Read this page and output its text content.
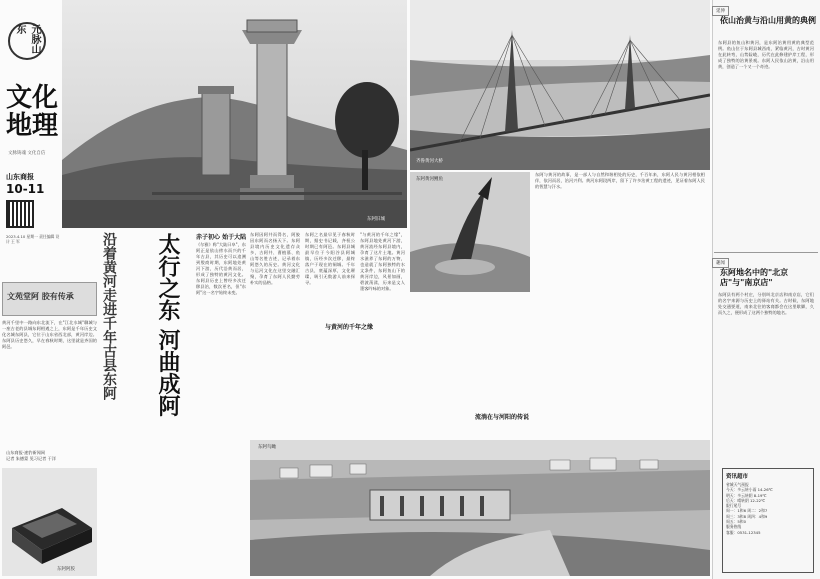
元脉山东
文化地理
文脉铸魂 文化自信
山东商报
10-11
2023.4.10 星期一 责任编辑 设计 王 军
东阿旧城
齐鲁黄河大桥
黄河千里中一路向东北流下，在"江北水城"聊城与一座古老的县城东阿相遇之上，东阿是千年历史文化名城东阿县，它位于山东省西北部，黄河岸边。东阿县历史悠久，早在春秋时期，这里就是齐国的阿邑。
文苑堂阿 胶有传承
山东商报·速豹新闻网
记者 朱德蒙 见习记者 于洋
东阿阿胶
沿着黄河走进千年古县东阿	太行之东 河曲成阿	赤子初心 始于大陆
《尔雅》称"大陆曰阜"，东阿正是依山傍水而兴的千年古县，其历史可以追溯到殷商时期，东阿地处黄河下游，历代沿黄而居，形成了独特的黄河文化。东阿县历史上曾经多次迁移县治，数次更名，但"东阿"这一名字始终未变。
东阿因阿井而得名，阿胶因东阿而名扬天下。东阿县境内历史文化遗存众多，古阿井、曹植墓、鱼山等名胜古迹，记录着东阿悠久的历史。黄河文化与运河文化在这里交融汇聚，孕育了东阿人民勤劳朴实的品格。
东阿之名最早见于春秋时期，据史书记载，齐桓公时期已有阿邑。东阿县城最早位于今阳谷县阿城镇，历经多次迁移，最终落户于现在的铜城。千年古县，底蕴深厚，文化璀璨，吸引无数游人前来探寻。
"与黄河的千年之缘"，东阿县地处黄河下游，黄河流经东阿县境内，孕育了这片土地。黄河水滋养了东阿的万物，也造就了东阿独特的水文条件，东阿鱼山下的黄河岸边，风景如画，碧波荡漾，历来是文人墨客吟咏的对象。
与黄河的千年之缘
东阿黄河鲤鱼
东阿与黄河的故事，是一部人与自然和谐相处的历史，千百年来，东阿人民与黄河相依相伴，依河而居，治河兴利。黄河东阿段两岸，留下了许多治黄工程的遗迹，见证着东阿人民的智慧与汗水。
流淌在与河阳的传说
东阿鸟瞰
延伸
依山治黄与沿山用黄的典例
东阿县的鱼山和黄河，是东阿治黄用黄的典型范例。鱼山位于东阿县城西南，紧临黄河，古时黄河在此转弯，山势险峻，历代在此修建护岸工程，形成了独特的治黄景观。东阿人民依山治黄，沿山用黄，创造了一个又一个奇迹。
趣闻
东阿地名中的"北京店"与"南京店"
东阿县有两个村庄，分别叫北京店和南京店，它们的名字来源与历史上的驿站有关。古时候，东阿地处交通要道，南来北往的客商都会在这里歇脚，久而久之，便形成了这两个独特的地名。
资讯超市
省城天气预报
今天：多云转小雨 14-26℃
明天：多云转阴 8-19℃
后天：晴转阴 12-22℃
限行尾号
周一：1和6 周二：2和7
周三：3和8 周四：4和9
周五：5和0
服务热线
客服：0531-12345
